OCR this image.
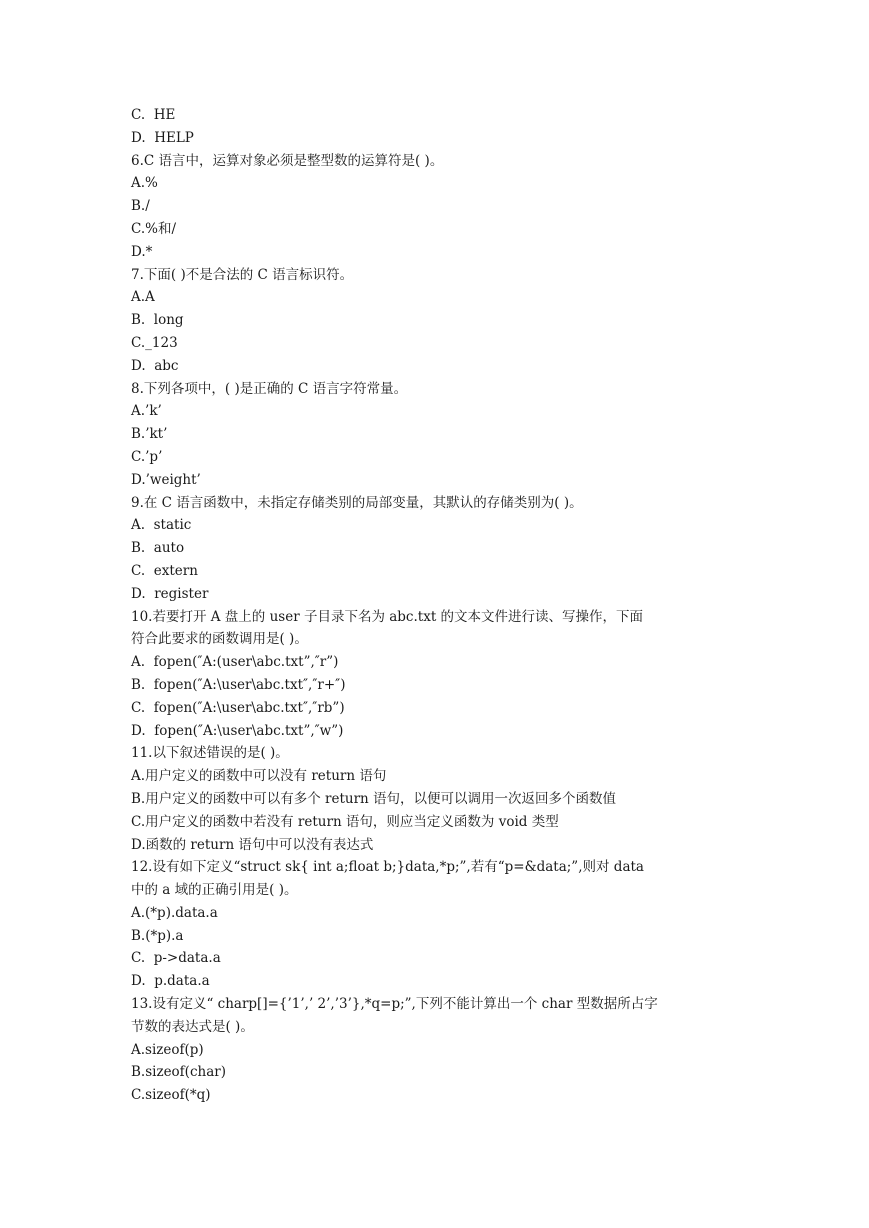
C.  HE
D.  HELP
6.C 语言中，运算对象必须是整型数的运算符是( )。
A.%
B./
C.%和/
D.*
7.下面( )不是合法的 C 语言标识符。
A.A
B.  long
C._123
D.  abc
8.下列各项中，( )是正确的 C 语言字符常量。
A.’k’
B.’kt’
C.’p’
D.’weight’
9.在 C 语言函数中，未指定存储类别的局部变量，其默认的存储类别为( )。
A.  static
B.  auto
C.  extern
D.  register
10.若要打开 A 盘上的 user 子目录下名为 abc.txt 的文本文件进行读、写操作，下面
符合此要求的函数调用是( )。
A.  fopen(″A:(user\abc.txt”,″r”)
B.  fopen(″A:\user\abc.txt″,″r+″)
C.  fopen(″A:\user\abc.txt″,″rb”)
D.  fopen(″A:\user\abc.txt”,″w”)
11.以下叙述错误的是( )。
A.用户定义的函数中可以没有 return 语句
B.用户定义的函数中可以有多个 return 语句，以便可以调用一次返回多个函数值
C.用户定义的函数中若没有 return 语句，则应当定义函数为 void 类型
D.函数的 return 语句中可以没有表达式
12.设有如下定义“struct sk{ int a;float b;}data,*p;”,若有“p=&data;”,则对 data
中的 a 域的正确引用是( )。
A.(*p).data.a
B.(*p).a
C.  p->data.a
D.  p.data.a
13.设有定义“ charp[]={’1’,’ 2’,’3’},*q=p;”,下列不能计算出一个 char 型数据所占字
节数的表达式是( )。
A.sizeof(p)
B.sizeof(char)
C.sizeof(*q)
